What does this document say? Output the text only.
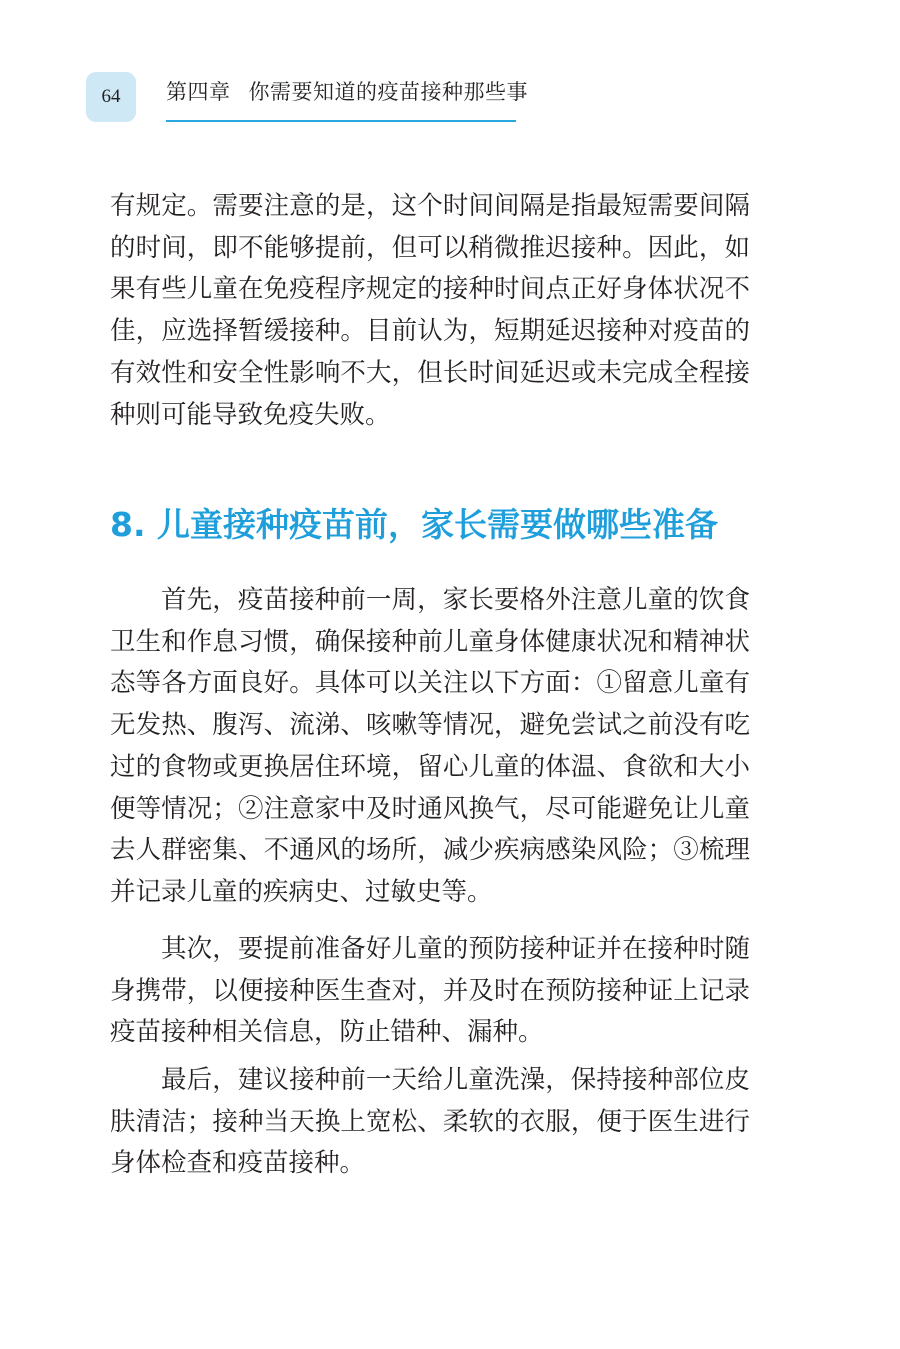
64 第四章 你需要知道的疫苗接种那些事

有规定。需要注意的是，这个时间间隔是指最短需要间隔的时间，即不能够提前，但可以稍微推迟接种。因此，如果有些儿童在免疫程序规定的接种时间点正好身体状况不佳，应选择暂缓接种。目前认为，短期延迟接种对疫苗的有效性和安全性影响不大，但长时间延迟或未完成全程接种则可能导致免疫失败。

8. 儿童接种疫苗前，家长需要做哪些准备

首先，疫苗接种前一周，家长要格外注意儿童的饮食卫生和作息习惯，确保接种前儿童身体健康状况和精神状态等各方面良好。具体可以关注以下方面：①留意儿童有无发热、腹泻、流涕、咳嗽等情况，避免尝试之前没有吃过的食物或更换居住环境，留心儿童的体温、食欲和大小便等情况；②注意家中及时通风换气，尽可能避免让儿童去人群密集、不通风的场所，减少疾病感染风险；③梳理并记录儿童的疾病史、过敏史等。

其次，要提前准备好儿童的预防接种证并在接种时随身携带，以便接种医生查对，并及时在预防接种证上记录疫苗接种相关信息，防止错种、漏种。

最后，建议接种前一天给儿童洗澡，保持接种部位皮肤清洁；接种当天换上宽松、柔软的衣服，便于医生进行身体检查和疫苗接种。
